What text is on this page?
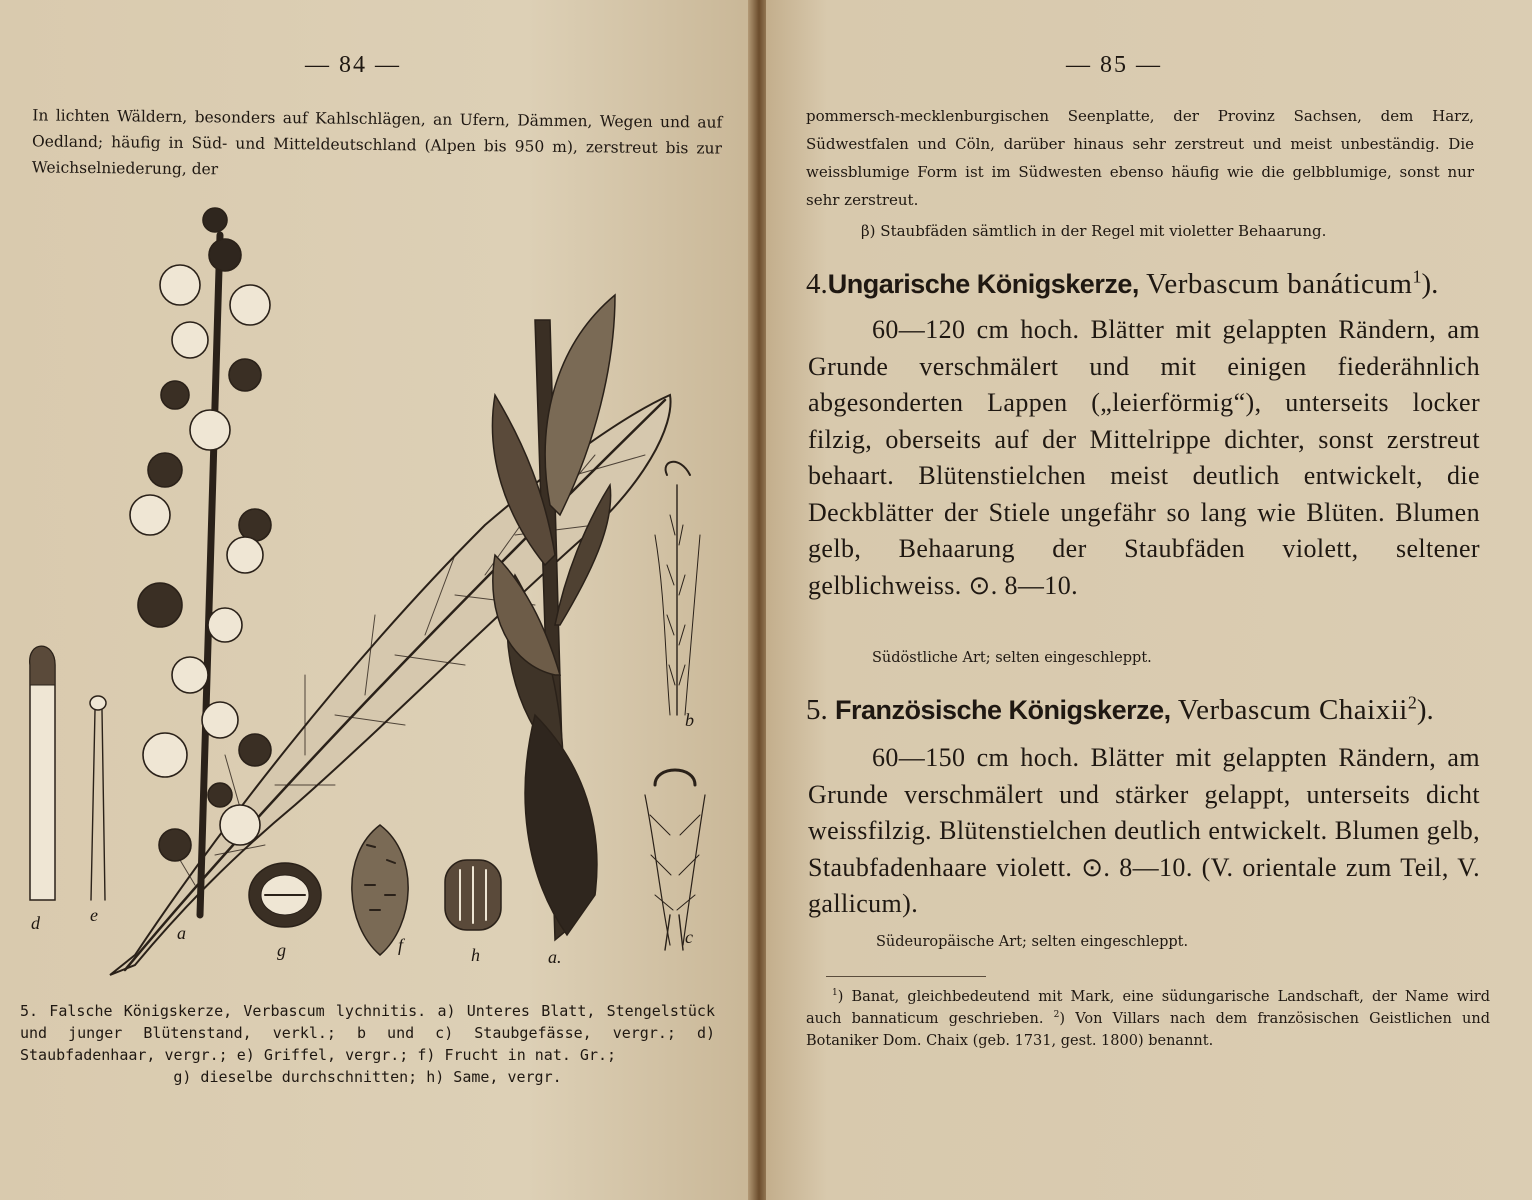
— 84 —
In lichten Wäldern, besonders auf Kahlschlägen, an Ufern, Dämmen, Wegen und auf Oedland; häufig in Süd- und Mitteldeutschland (Alpen bis 950 m), zerstreut bis zur Weichselniederung, der
d	e
a
g	f	h	a.
b
c
5. Falsche Königskerze, Verbascum lychnitis. a) Unteres Blatt, Stengelstück und junger Blütenstand, verkl.; b und c) Staubgefässe, vergr.; d) Staubfadenhaar, vergr.; e) Griffel, vergr.; f) Frucht in nat. Gr.;
g) dieselbe durchschnitten; h) Same, vergr.
— 85 —
pommersch-mecklenburgischen Seenplatte, der Provinz Sachsen, dem Harz, Südwestfalen und Cöln, darüber hinaus sehr zerstreut und meist unbeständig. Die weissblumige Form ist im Südwesten ebenso häufig wie die gelbblumige, sonst nur sehr zerstreut.
β) Staubfäden sämtlich in der Regel mit violetter Behaarung.
4.Ungarische Königskerze, Verbascum banáticum$^1$).
60—120 cm hoch. Blätter mit gelappten Rändern, am Grunde verschmälert und mit einigen fiederähnlich abgesonderten Lappen („leierförmig“), unterseits locker filzig, oberseits auf der Mittelrippe dichter, sonst zerstreut behaart. Blütenstielchen meist deutlich entwickelt, die Deckblätter der Stiele ungefähr so lang wie Blüten. Blumen gelb, Behaarung der Staubfäden violett, seltener gelblichweiss. ⊙. 8—10.
Südöstliche Art; selten eingeschleppt.
5. Französische Königskerze, Verbascum Chaixii$^2$).
60—150 cm hoch. Blätter mit gelappten Rändern, am Grunde verschmälert und stärker gelappt, unterseits dicht weissfilzig. Blütenstielchen deutlich entwickelt. Blumen gelb, Staubfadenhaare violett. ⊙. 8—10. (V. orientale zum Teil, V. gallicum).
Südeuropäische Art; selten eingeschleppt.
$^1$) Banat, gleichbedeutend mit Mark, eine südungarische Landschaft, der Name wird auch bannaticum geschrieben. $^2$) Von Villars nach dem französischen Geistlichen und Botaniker Dom. Chaix (geb. 1731, gest. 1800) benannt.
